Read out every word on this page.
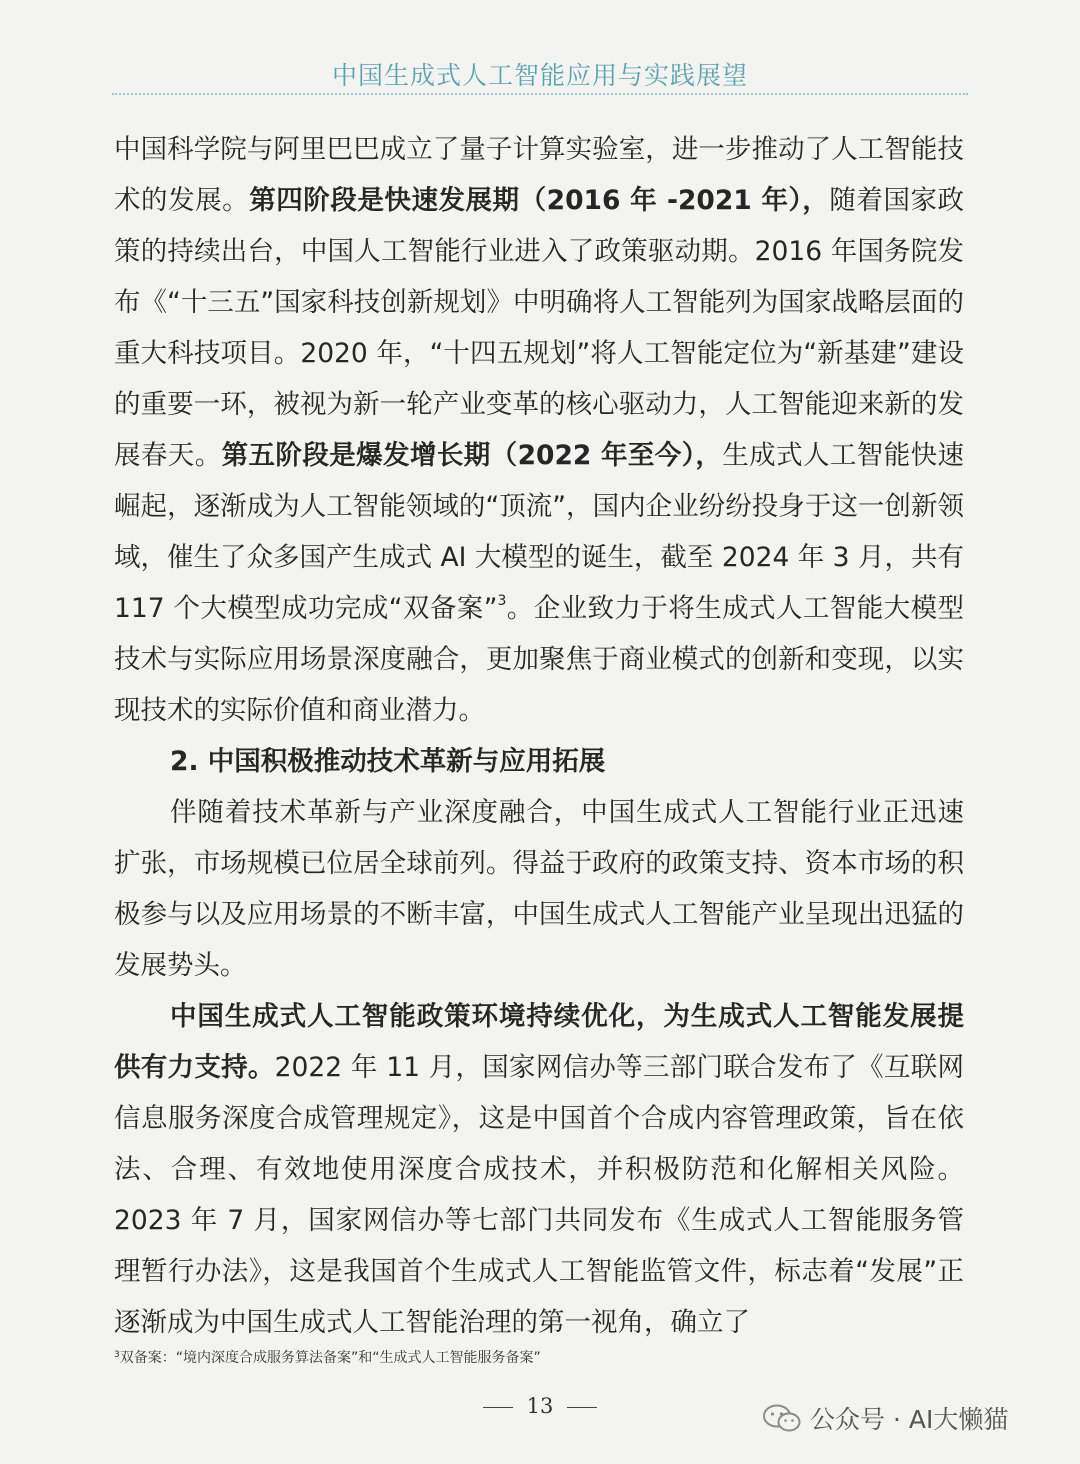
中国生成式人工智能应用与实践展望

中国科学院与阿里巴巴成立了量子计算实验室，进一步推动了人工智能技术的发展。第四阶段是快速发展期（2016 年 -2021 年），随着国家政策的持续出台，中国人工智能行业进入了政策驱动期。2016 年国务院发布《“十三五”国家科技创新规划》中明确将人工智能列为国家战略层面的重大科技项目。2020 年，“十四五规划”将人工智能定位为“新基建”建设的重要一环，被视为新一轮产业变革的核心驱动力，人工智能迎来新的发展春天。第五阶段是爆发增长期（2022 年至今），生成式人工智能快速崛起，逐渐成为人工智能领域的“顶流”，国内企业纷纷投身于这一创新领域，催生了众多国产生成式 AI 大模型的诞生，截至 2024 年 3 月，共有 117 个大模型成功完成“双备案”$^3$。企业致力于将生成式人工智能大模型技术与实际应用场景深度融合，更加聚焦于商业模式的创新和变现，以实现技术的实际价值和商业潜力。

2. 中国积极推动技术革新与应用拓展

伴随着技术革新与产业深度融合，中国生成式人工智能行业正迅速扩张，市场规模已位居全球前列。得益于政府的政策支持、资本市场的积极参与以及应用场景的不断丰富，中国生成式人工智能产业呈现出迅猛的发展势头。

中国生成式人工智能政策环境持续优化，为生成式人工智能发展提供有力支持。2022 年 11 月，国家网信办等三部门联合发布了《互联网信息服务深度合成管理规定》，这是中国首个合成内容管理政策，旨在依法、合理、有效地使用深度合成技术，并积极防范和化解相关风险。2023 年 7 月，国家网信办等七部门共同发布《生成式人工智能服务管理暂行办法》，这是我国首个生成式人工智能监管文件，标志着“发展”正逐渐成为中国生成式人工智能治理的第一视角，确立了

$^3$双备案：“境内深度合成服务算法备案”和“生成式人工智能服务备案”
13	公众号 · AI大懒猫
